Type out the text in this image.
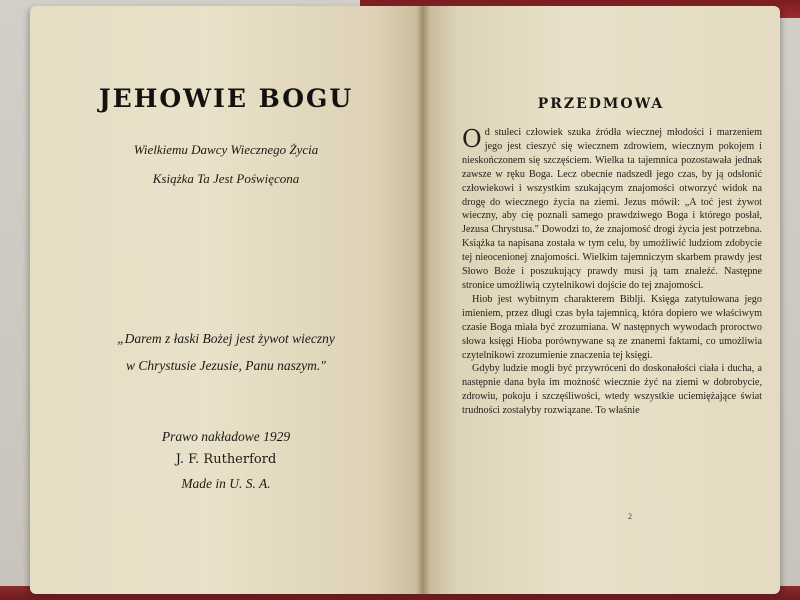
JEHOWIE BOGU
Wielkiemu Dawcy Wiecznego Życia
Książka Ta Jest Poświęcona
„Darem z łaski Bożej jest żywot wieczny
w Chrystusie Jezusie, Panu naszym."
Prawo nakładowe 1929
J. F. Rutherford
Made in U. S. A.
PRZEDMOWA

Od stuleci człowiek szuka źródła wiecznej młodości i marzeniem jego jest cieszyć się wiecznem zdrowiem, wiecznym pokojem i nieskończonem się szczęściem. Wielka ta tajemnica pozostawała jednak zawsze w ręku Boga. Lecz obecnie nadszedł jego czas, by ją odsłonić człowiekowi i wszystkim szukającym znajomości otworzyć widok na drogę do wiecznego życia na ziemi. Jezus mówił: „A toć jest żywot wieczny, aby cię poznali samego prawdziwego Boga i którego posłał, Jezusa Chrystusa." Dowodzi to, że znajomość drogi życia jest potrzebna. Książka ta napisana została w tym celu, by umożliwić ludziom zdobycie tej nieocenionej znajomości. Wielkim tajemniczym skarbem prawdy jest Słowo Boże i poszukujący prawdy musi ją tam znaleźć. Następne stronice umożliwią czytelnikowi dojście do tej znajomości.

Hiob jest wybitnym charakterem Biblji. Księga zatytułowana jego imieniem, przez długi czas była tajemnicą, która dopiero we właściwym czasie Boga miała być zrozumiana. W następnych wywodach proroctwo słowa księgi Hioba porównywane są ze znanemi faktami, co umożliwia czytelnikowi zrozumienie znaczenia tej księgi.

Gdyby ludzie mogli być przywróceni do doskonałości ciała i ducha, a następnie dana była im możność wiecznie żyć na ziemi w dobrobycie, zdrowiu, pokoju i szczęśliwości, wtedy wszystkie uciemiężające świat trudności zostałyby rozwiązane. To właśnie

2
